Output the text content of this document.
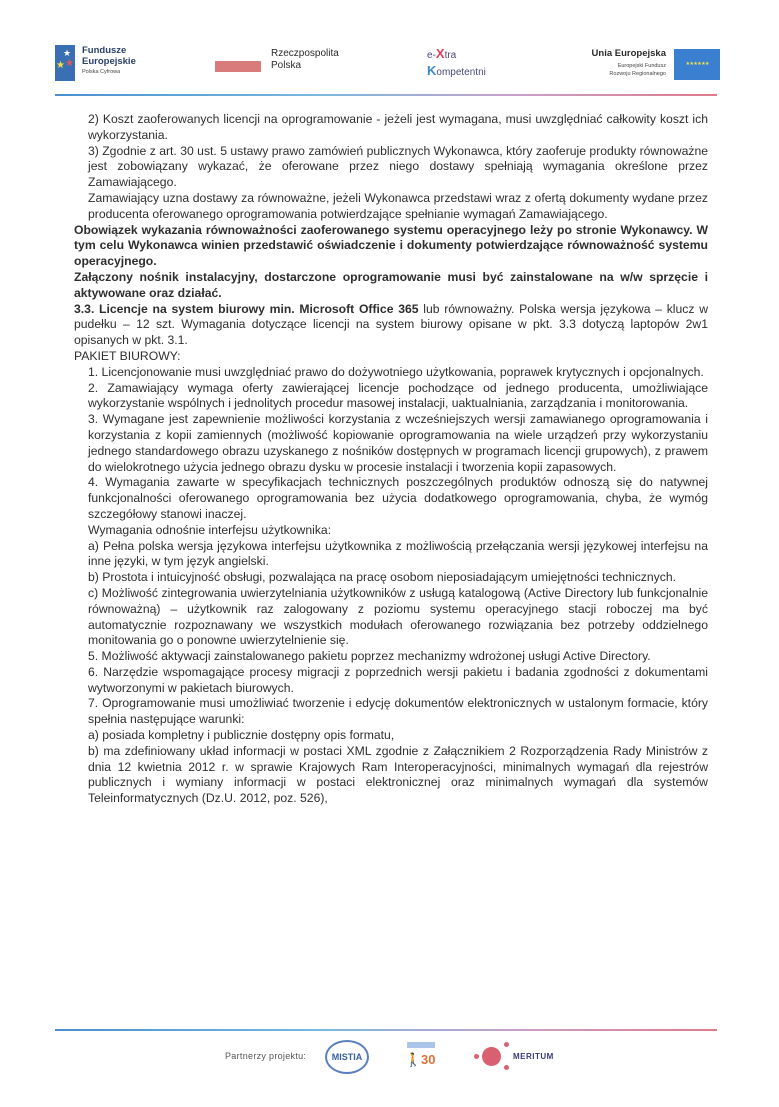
★
★ ★
Fundusze
Europejskie
Polska Cyfrowa
Rzeczpospolita
Polska
e-Xtra
Kompetentni
Unia Europejska
Europejski Fundusz
Rozwoju Regionalnego
★ ★ ★ ★ ★ ★

2) Koszt zaoferowanych licencji na oprogramowanie - jeżeli jest wymagana, musi uwzględniać całkowity koszt ich wykorzystania.

3) Zgodnie z art. 30 ust. 5 ustawy prawo zamówień publicznych Wykonawca, który zaoferuje produkty równoważne jest zobowiązany wykazać, że oferowane przez niego dostawy spełniają wymagania określone przez Zamawiającego.

Zamawiający uzna dostawy za równoważne, jeżeli Wykonawca przedstawi wraz z ofertą dokumenty wydane przez producenta oferowanego oprogramowania potwierdzające spełnianie wymagań Zamawiającego.

Obowiązek wykazania równoważności zaoferowanego systemu operacyjnego leży po stronie Wykonawcy. W tym celu Wykonawca winien przedstawić oświadczenie i dokumenty potwierdzające równoważność systemu operacyjnego.

Załączony nośnik instalacyjny, dostarczone oprogramowanie musi być zainstalowane na w/w sprzęcie i aktywowane oraz działać.

3.3. Licencje na system biurowy min. Microsoft Office 365 lub równoważny. Polska wersja językowa – klucz w pudełku – 12 szt. Wymagania dotyczące licencji na system biurowy opisane w pkt. 3.3 dotyczą laptopów 2w1 opisanych w pkt. 3.1.

PAKIET BIUROWY:

1. Licencjonowanie musi uwzględniać prawo do dożywotniego użytkowania, poprawek krytycznych i opcjonalnych.

2. Zamawiający wymaga oferty zawierającej licencje pochodzące od jednego producenta, umożliwiające wykorzystanie wspólnych i jednolitych procedur masowej instalacji, uaktualniania, zarządzania i monitorowania.

3. Wymagane jest zapewnienie możliwości korzystania z wcześniejszych wersji zamawianego oprogramowania i korzystania z kopii zamiennych (możliwość kopiowanie oprogramowania na wiele urządzeń przy wykorzystaniu jednego standardowego obrazu uzyskanego z nośników dostępnych w programach licencji grupowych), z prawem do wielokrotnego użycia jednego obrazu dysku w procesie instalacji i tworzenia kopii zapasowych.

4. Wymagania zawarte w specyfikacjach technicznych poszczególnych produktów odnoszą się do natywnej funkcjonalności oferowanego oprogramowania bez użycia dodatkowego oprogramowania, chyba, że wymóg szczegółowy stanowi inaczej.

Wymagania odnośnie interfejsu użytkownika:

a) Pełna polska wersja językowa interfejsu użytkownika z możliwością przełączania wersji językowej interfejsu na inne języki, w tym język angielski.

b) Prostota i intuicyjność obsługi, pozwalająca na pracę osobom nieposiadającym umiejętności technicznych.

c) Możliwość zintegrowania uwierzytelniania użytkowników z usługą katalogową (Active Directory lub funkcjonalnie równoważną) – użytkownik raz zalogowany z poziomu systemu operacyjnego stacji roboczej ma być automatycznie rozpoznawany we wszystkich modułach oferowanego rozwiązania bez potrzeby oddzielnego monitowania go o ponowne uwierzytelnienie się.

5. Możliwość aktywacji zainstalowanego pakietu poprzez mechanizmy wdrożonej usługi Active Directory.

6. Narzędzie wspomagające procesy migracji z poprzednich wersji pakietu i badania zgodności z dokumentami wytworzonymi w pakietach biurowych.

7. Oprogramowanie musi umożliwiać tworzenie i edycję dokumentów elektronicznych w ustalonym formacie, który spełnia następujące warunki:

a) posiada kompletny i publicznie dostępny opis formatu,

b) ma zdefiniowany układ informacji w postaci XML zgodnie z Załącznikiem 2 Rozporządzenia Rady Ministrów z dnia 12 kwietnia 2012 r. w sprawie Krajowych Ram Interoperacyjności, minimalnych wymagań dla rejestrów publicznych i wymiany informacji w postaci elektronicznej oraz minimalnych wymagań dla systemów Teleinformatycznych (Dz.U. 2012, poz. 526),

Partnerzy projektu:	MISTIA	🚶 30	MERITUM
